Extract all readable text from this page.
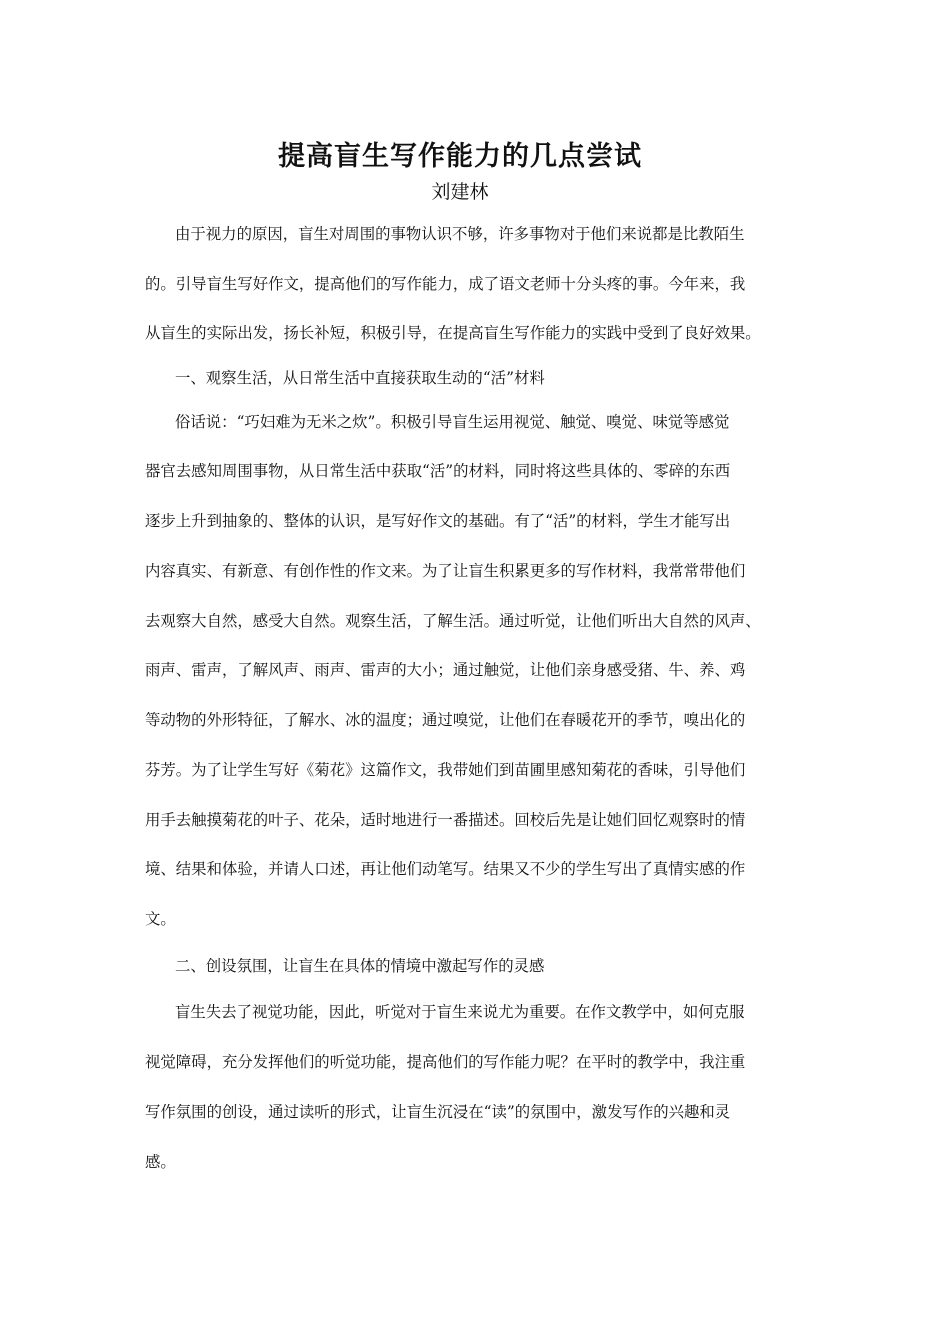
提高盲生写作能力的几点尝试

刘建林

由于视力的原因，盲生对周围的事物认识不够，许多事物对于他们来说都是比教陌生

的。引导盲生写好作文，提高他们的写作能力，成了语文老师十分头疼的事。今年来，我

从盲生的实际出发，扬长补短，积极引导，在提高盲生写作能力的实践中受到了良好效果。

一、观察生活，从日常生活中直接获取生动的“活”材料

俗话说：“巧妇难为无米之炊”。积极引导盲生运用视觉、触觉、嗅觉、味觉等感觉

器官去感知周围事物，从日常生活中获取“活”的材料，同时将这些具体的、零碎的东西

逐步上升到抽象的、整体的认识，是写好作文的基础。有了“活”的材料，学生才能写出

内容真实、有新意、有创作性的作文来。为了让盲生积累更多的写作材料，我常常带他们

去观察大自然，感受大自然。观察生活，了解生活。通过听觉，让他们听出大自然的风声、

雨声、雷声，了解风声、雨声、雷声的大小；通过触觉，让他们亲身感受猪、牛、养、鸡

等动物的外形特征，了解水、冰的温度；通过嗅觉，让他们在春暖花开的季节，嗅出化的

芬芳。为了让学生写好《菊花》这篇作文，我带她们到苗圃里感知菊花的香味，引导他们

用手去触摸菊花的叶子、花朵，适时地进行一番描述。回校后先是让她们回忆观察时的情

境、结果和体验，并请人口述，再让他们动笔写。结果又不少的学生写出了真情实感的作

文。

二、创设氛围，让盲生在具体的情境中激起写作的灵感

盲生失去了视觉功能，因此，听觉对于盲生来说尤为重要。在作文教学中，如何克服

视觉障碍，充分发挥他们的听觉功能，提高他们的写作能力呢？在平时的教学中，我注重

写作氛围的创设，通过读听的形式，让盲生沉浸在“读”的氛围中，激发写作的兴趣和灵

感。
